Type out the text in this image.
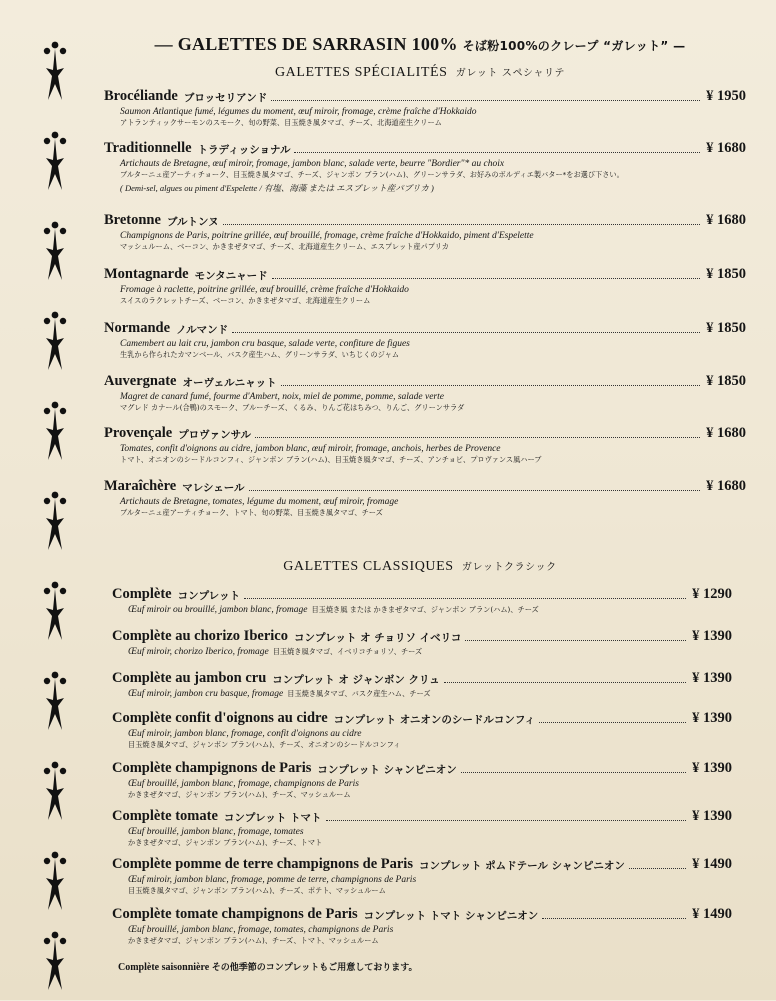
— GALETTES DE SARRASIN 100% そば粉100%のクレープ “ガレット” —
GALETTES SPÉCIALITÉS ガレット スペシャリテ
Brocéliande ブロッセリアンド	¥ 1950
Saumon Atlantique fumé, légumes du moment, œuf miroir, fromage, crème fraîche d'Hokkaido
アトランティックサーモンのスモーク、旬の野菜、目玉焼き風タマゴ、チーズ、北海道産生クリーム
Traditionnelle トラディッショナル	¥ 1680
Artichauts de Bretagne, œuf miroir, fromage, jambon blanc, salade verte, beurre "Bordier"* au choix
ブルターニュ産アーティチョーク、目玉焼き風タマゴ、チーズ、ジャンボン ブラン(ハム)、グリーンサラダ、お好みのボルディエ製バター*をお選び下さい。
( Demi-sel, algues ou piment d'Espelette / 有塩、海藻 または エスプレット産パプリカ )
Bretonne ブルトンヌ	¥ 1680
Champignons de Paris, poitrine grillée, œuf brouillé, fromage, crème fraîche d'Hokkaido, piment d'Espelette
マッシュルーム、ベーコン、かきまぜタマゴ、チーズ、北海道産生クリーム、エスプレット産パプリカ
Montagnarde モンタニャード	¥ 1850
Fromage à raclette, poitrine grillée, œuf brouillé, crème fraîche d'Hokkaido
スイスのラクレットチーズ、ベーコン、かきまぜタマゴ、北海道産生クリーム
Normande ノルマンド	¥ 1850
Camembert au lait cru, jambon cru basque, salade verte, confiture de figues
生乳から作られたカマンベール、バスク産生ハム、グリーンサラダ、いちじくのジャム
Auvergnate オーヴェルニャット	¥ 1850
Magret de canard fumé, fourme d'Ambert, noix, miel de pomme, pomme, salade verte
マグレド カナール(合鴨)のスモーク、ブルーチーズ、くるみ、りんご花はちみつ、りんご、グリーンサラダ
Provençale プロヴァンサル	¥ 1680
Tomates, confit d'oignons au cidre, jambon blanc, œuf miroir, fromage, anchois, herbes de Provence
トマト、オニオンのシードルコンフィ、ジャンボン ブラン(ハム)、目玉焼き風タマゴ、チーズ、アンチョビ、プロヴァンス風ハーブ
Maraîchère マレシェール	¥ 1680
Artichauts de Bretagne, tomates, légume du moment, œuf miroir, fromage
ブルターニュ産アーティチョーク、トマト、旬の野菜、目玉焼き風タマゴ、チーズ
GALETTES CLASSIQUES ガレットクラシック
Complète コンプレット	¥ 1290
Œuf miroir ou brouillé, jambon blanc, fromage 目玉焼き風 または かきまぜタマゴ、ジャンボン ブラン(ハム)、チーズ
Complète au chorizo Iberico コンプレット オ チョリソ イベリコ	¥ 1390
Œuf miroir, chorizo Iberico, fromage 目玉焼き風タマゴ、イベリコチョリソ、チーズ
Complète au jambon cru コンプレット オ ジャンボン クリュ	¥ 1390
Œuf miroir, jambon cru basque, fromage 目玉焼き風タマゴ、バスク産生ハム、チーズ
Complète confit d'oignons au cidre コンプレット オニオンのシードルコンフィ	¥ 1390
Œuf miroir, jambon blanc, fromage, confit d'oignons au cidre
目玉焼き風タマゴ、ジャンボン ブラン(ハム)、チーズ、オニオンのシードルコンフィ
Complète champignons de Paris コンプレット シャンピニオン	¥ 1390
Œuf brouillé, jambon blanc, fromage, champignons de Paris
かきまぜタマゴ、ジャンボン ブラン(ハム)、チーズ、マッシュルーム
Complète tomate コンプレット トマト	¥ 1390
Œuf brouillé, jambon blanc, fromage, tomates
かきまぜタマゴ、ジャンボン ブラン(ハム)、チーズ、トマト
Complète pomme de terre champignons de Paris コンプレット ポムドテール シャンピニオン	¥ 1490
Œuf miroir, jambon blanc, fromage, pomme de terre, champignons de Paris
目玉焼き風タマゴ、ジャンボン ブラン(ハム)、チーズ、ポテト、マッシュルーム
Complète tomate champignons de Paris コンプレット トマト シャンピニオン	¥ 1490
Œuf brouillé, jambon blanc, fromage, tomates, champignons de Paris
かきまぜタマゴ、ジャンボン ブラン(ハム)、チーズ、トマト、マッシュルーム
Complète saisonnière その他季節のコンプレットもご用意しております。
